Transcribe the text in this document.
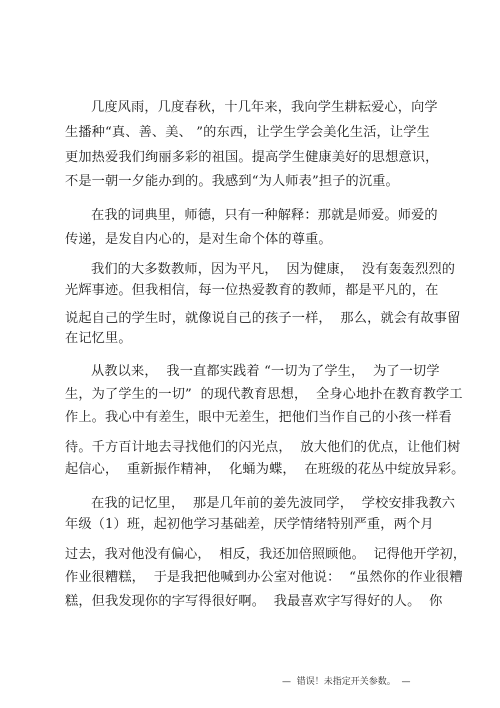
几度风雨，几度春秋，十几年来，我向学生耕耘爱心，向学
生播种“真、善、美、 ”的东西，让学生学会美化生活，让学生
更加热爱我们绚丽多彩的祖国。提高学生健康美好的思想意识，
不是一朝一夕能办到的。我感到“为人师表”担子的沉重。
在我的词典里，师德，只有一种解释：那就是师爱。师爱的
传递，是发自内心的，是对生命个体的尊重。
我们的大多数教师，因为平凡，  因为健康，  没有轰轰烈烈的
光辉事迹。但我相信，每一位热爱教育的教师，都是平凡的，在
说起自己的学生时，就像说自己的孩子一样，  那么，就会有故事留
在记忆里。
从教以来，  我一直都实践着 “一切为了学生，  为了一切学
生，为了学生的一切”  的现代教育思想，  全身心地扑在教育教学工
作上。我心中有差生，眼中无差生，把他们当作自己的小孩一样看
待。千方百计地去寻找他们的闪光点，  放大他们的优点，让他们树
起信心，  重新振作精神，  化蛹为蝶，  在班级的花丛中绽放异彩。
在我的记忆里，  那是几年前的姜先波同学，  学校安排我教六
年级（1）班，起初他学习基础差，厌学情绪特别严重，两个月
过去，我对他没有偏心，  相反，我还加倍照顾他。  记得他开学初，
作业很糟糕，  于是我把他喊到办公室对他说：  “虽然你的作业很糟
糕，但我发现你的字写得很好啊。  我最喜欢字写得好的人。  你
—  错误！未指定开关参数。  —
